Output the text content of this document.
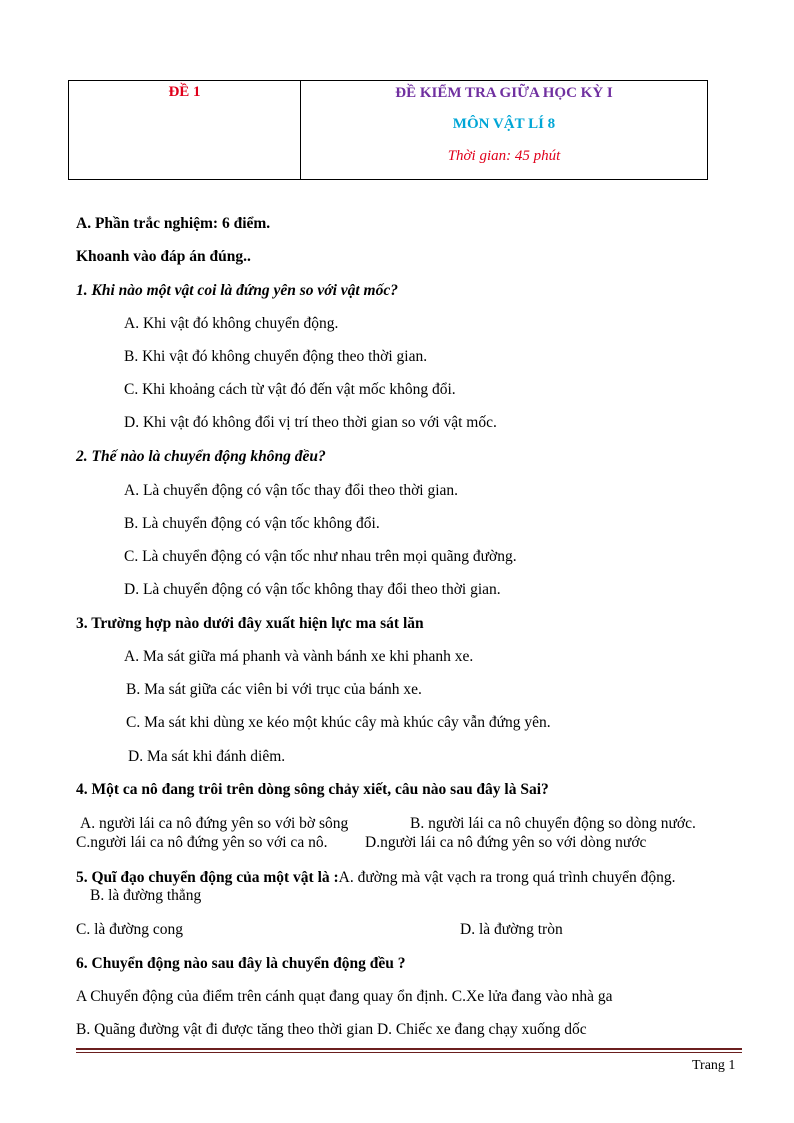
ĐỀ 1	ĐỀ KIỂM TRA GIỮA HỌC KỲ I
MÔN VẬT LÍ 8
Thời gian: 45 phút
A. Phần trắc nghiệm: 6 điểm.
Khoanh vào đáp án đúng..
1. Khi nào một vật coi là đứng yên so với vật mốc?
A. Khi vật đó không chuyển động.
B. Khi vật đó không chuyển động theo thời gian.
C. Khi khoảng cách từ vật đó đến vật mốc không đổi.
D. Khi vật đó không đổi vị trí theo thời gian so với vật mốc.
2. Thế nào là chuyển động không đều?
A. Là chuyển động có vận tốc thay đổi theo thời gian.
B. Là chuyển động có vận tốc không đổi.
C. Là chuyển động có vận tốc như nhau trên mọi quãng đường.
D. Là chuyển động có vận tốc không thay đổi theo thời gian.
3. Trường hợp nào dưới đây xuất hiện lực ma sát lăn
A. Ma sát giữa má phanh và vành bánh xe khi phanh xe.
B. Ma sát giữa các viên bi với trục của bánh xe.
C. Ma sát khi dùng xe kéo một khúc cây mà khúc cây vẫn đứng yên.
D. Ma sát khi đánh diêm.
4. Một ca nô đang trôi trên dòng sông chảy xiết, câu nào sau đây là Sai?
A. người lái ca nô đứng yên so với bờ sông	B. người lái ca nô chuyển động so dòng nước.
C.người lái ca nô đứng yên so với ca nô. D.người lái ca nô đứng yên so với dòng nước
5. Quĩ đạo chuyển động của một vật là :A. đường mà vật vạch ra trong quá trình chuyển động.
B. là đường thẳng
C. là đường cong	D. là đường tròn
6. Chuyển động nào sau đây là chuyển động đều ?
A Chuyển động của điểm trên cánh quạt đang quay ổn định. C.Xe lửa đang vào nhà ga
B. Quãng đường vật đi được tăng theo thời gian D. Chiếc xe đang chạy xuống dốc
Trang 1
